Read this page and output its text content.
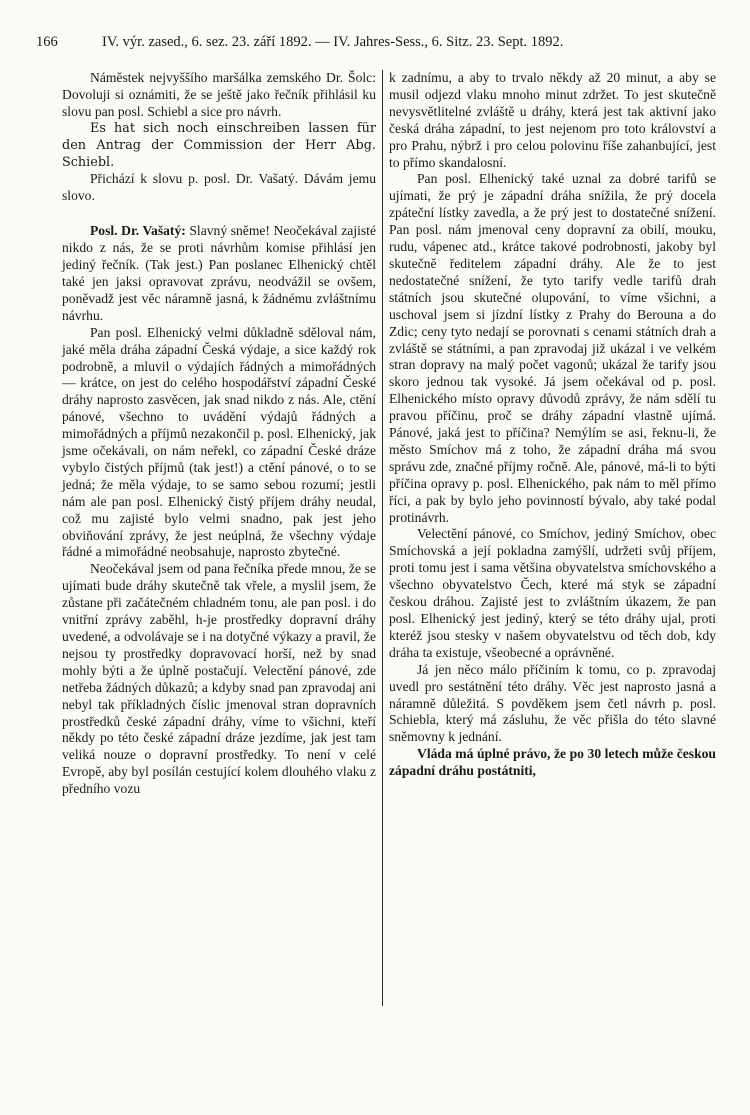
166	IV. výr. zased., 6. sez. 23. září 1892. — IV. Jahres-Sess., 6. Sitz. 23. Sept. 1892.

Náměstek nejvyššího maršálka zemského Dr. Šolc: Dovoluji si oznámiti, že se ještě jako řečník přihlásil ku slovu pan posl. Schiebl a sice pro návrh.

Es hat sich noch einschreiben lassen für den Antrag der Commission der Herr Abg. Schiebl.

Přichází k slovu p. posl. Dr. Vašatý. Dávám jemu slovo.

Posl. Dr. Vašatý: Slavný sněme! Neočekával zajisté nikdo z nás, že se proti návrhům komise přihlásí jen jediný řečník. (Tak jest.) Pan poslanec Elhenický chtěl také jen jaksi opravovat zprávu, neodvážil se ovšem, poněvadž jest věc náramně jasná, k žádnému zvláštnímu návrhu.

Pan posl. Elhenický velmi důkladně sděloval nám, jaké měla dráha západní Česká výdaje, a sice každý rok podrobně, a mluvil o výdajích řádných a mimořádných — krátce, on jest do celého hospodářství západní České dráhy naprosto zasvěcen, jak snad nikdo z nás. Ale, ctění pánové, všechno to uvádění výdajů řádných a mimořádných a příjmů nezakončil p. posl. Elhenický, jak jsme očekávali, on nám neřekl, co západní České dráze vybylo čistých příjmů (tak jest!) a ctění pánové, o to se jedná; že měla výdaje, to se samo sebou rozumí; jestli nám ale pan posl. Elhenický čistý příjem dráhy neudal, což mu zajisté bylo velmi snadno, pak jest jeho obviňování zprávy, že jest neúplná, že všechny výdaje řádné a mimořádné neobsahuje, naprosto zbytečné.

Neočekával jsem od pana řečníka přede mnou, že se ujímati bude dráhy skutečně tak vřele, a myslil jsem, že zůstane při začátečném chladném tonu, ale pan posl. i do vnitřní zprávy zaběhl, h-je prostředky dopravní dráhy uvedené, a odvolávaje se i na dotyčné výkazy a pravil, že nejsou ty prostředky dopravovací horší, než by snad mohly býti a že úplně postačují. Velectění pánové, zde netřeba žádných důkazů; a kdyby snad pan zpravodaj ani nebyl tak příkladných číslic jmenoval stran dopravních prostředků české západní dráhy, víme to všichni, kteří někdy po této české západní dráze jezdíme, jak jest tam veliká nouze o dopravní prostředky. To není v celé Evropě, aby byl posílán cestující kolem dlouhého vlaku z předního vozu

k zadnímu, a aby to trvalo někdy až 20 minut, a aby se musil odjezd vlaku mnoho minut zdržet. To jest skutečně nevysvětlitelné zvláště u dráhy, která jest tak aktivní jako česká dráha západní, to jest nejenom pro toto království a pro Prahu, nýbrž i pro celou polovinu říše zahanbující, jest to přímo skandalosní.

Pan posl. Elhenický také uznal za dobré tarifů se ujímati, že prý je západní dráha snížila, že prý docela zpáteční lístky zavedla, a že prý jest to dostatečné snížení. Pan posl. nám jmenoval ceny dopravní za obilí, mouku, rudu, vápenec atd., krátce takové podrobnosti, jakoby byl skutečně ředitelem západní dráhy. Ale že to jest nedostatečné snížení, že tyto tarify vedle tarifů drah státních jsou skutečné olupování, to víme všichni, a uschoval jsem si jízdní lístky z Prahy do Berouna a do Zdic; ceny tyto nedají se porovnati s cenami státních drah a zvláště se státními, a pan zpravodaj již ukázal i ve velkém stran dopravy na malý počet vagonů; ukázal že tarify jsou skoro jednou tak vysoké. Já jsem očekával od p. posl. Elhenického místo opravy důvodů zprávy, že nám sdělí tu pravou příčinu, proč se dráhy západní vlastně ujímá. Pánové, jaká jest to příčina? Nemýlím se asi, řeknu-li, že město Smíchov má z toho, že západní dráha má svou správu zde, značné příjmy ročně. Ale, pánové, má-li to býti příčina opravy p. posl. Elhenického, pak nám to měl přímo říci, a pak by bylo jeho povinností bývalo, aby také podal protinávrh.

Velectění pánové, co Smíchov, jediný Smíchov, obec Smíchovská a její pokladna zamýšlí, udržeti svůj příjem, proti tomu jest i sama většina obyvatelstva smíchovského a všechno obyvatelstvo Čech, které má styk se západní českou dráhou. Zajisté jest to zvláštním úkazem, že pan posl. Elhenický jest jediný, který se této dráhy ujal, proti kteréž jsou stesky v našem obyvatelstvu od těch dob, kdy dráha ta existuje, všeobecné a oprávněné.

Já jen něco málo příčiním k tomu, co p. zpravodaj uvedl pro sestátnění této dráhy. Věc jest naprosto jasná a náramně důležitá. S povděkem jsem četl návrh p. posl. Schiebla, který má zásluhu, že věc přišla do této slavné sněmovny k jednání.

Vláda má úplné právo, že po 30 letech může českou západní dráhu postátniti,
